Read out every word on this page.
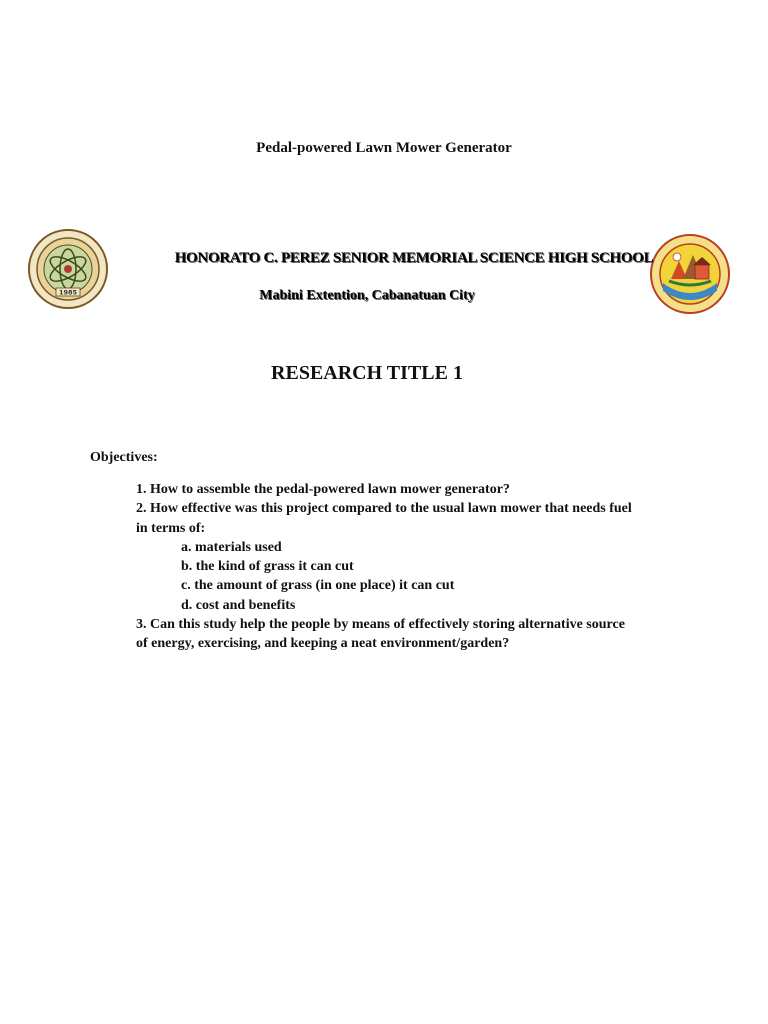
Pedal-powered Lawn Mower Generator
1985
HONORATO C. PEREZ SENIOR MEMORIAL SCIENCE HIGH SCHOOL
Mabini Extention, Cabanatuan City
RESEARCH TITLE 1
Objectives:
1. How to assemble the pedal-powered lawn mower generator?
2. How effective was this project compared to the usual lawn mower that needs fuel
in terms of:
a. materials used
b. the kind of grass it can cut
c. the amount of grass (in one place) it can cut
d. cost and benefits
3. Can this study help the people by means of effectively storing alternative source
of energy, exercising, and keeping a neat environment/garden?
